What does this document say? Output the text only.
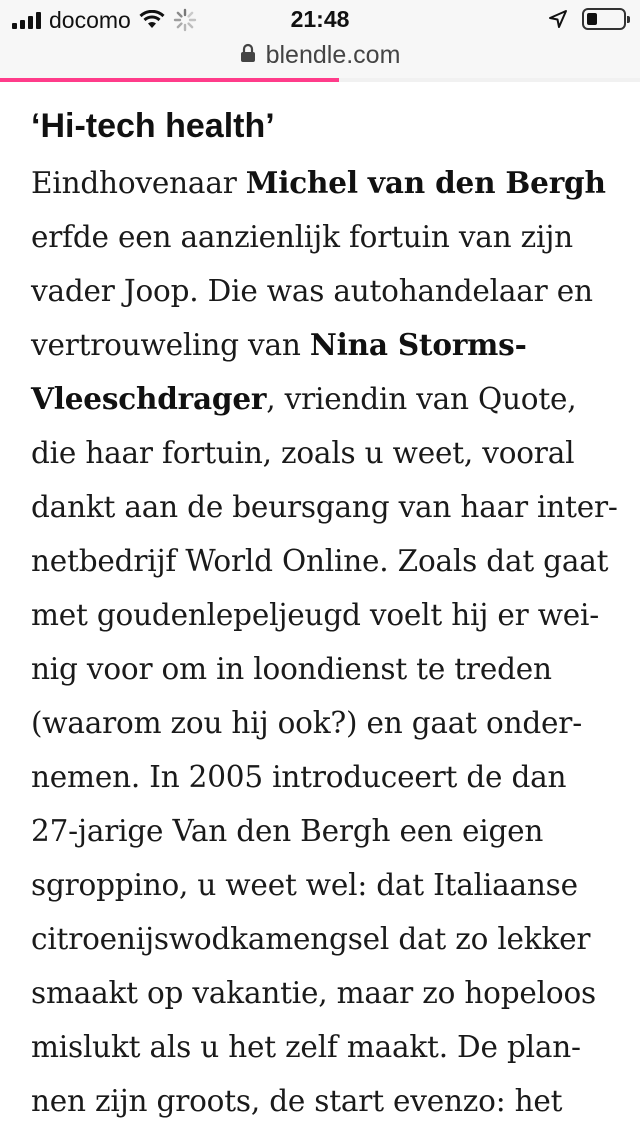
docomo	21:48
blendle.com
‘Hi-tech health’
Eindhovenaar Michel van den Bergh
erfde een aanzienlijk fortuin van zijn
vader Joop. Die was autohandelaar en
vertrouweling van Nina Storms-
Vleeschdrager, vriendin van Quote,
die haar fortuin, zoals u weet, vooral
dankt aan de beursgang van haar inter-
netbedrijf World Online. Zoals dat gaat
met goudenlepeljeugd voelt hij er wei-
nig voor om in loondienst te treden
(waarom zou hij ook?) en gaat onder-
nemen. In 2005 introduceert de dan
27-jarige Van den Bergh een eigen
sgroppino, u weet wel: dat Italiaanse
citroenijswodkamengsel dat zo lekker
smaakt op vakantie, maar zo hopeloos
mislukt als u het zelf maakt. De plan-
nen zijn groots, de start evenzo: het
